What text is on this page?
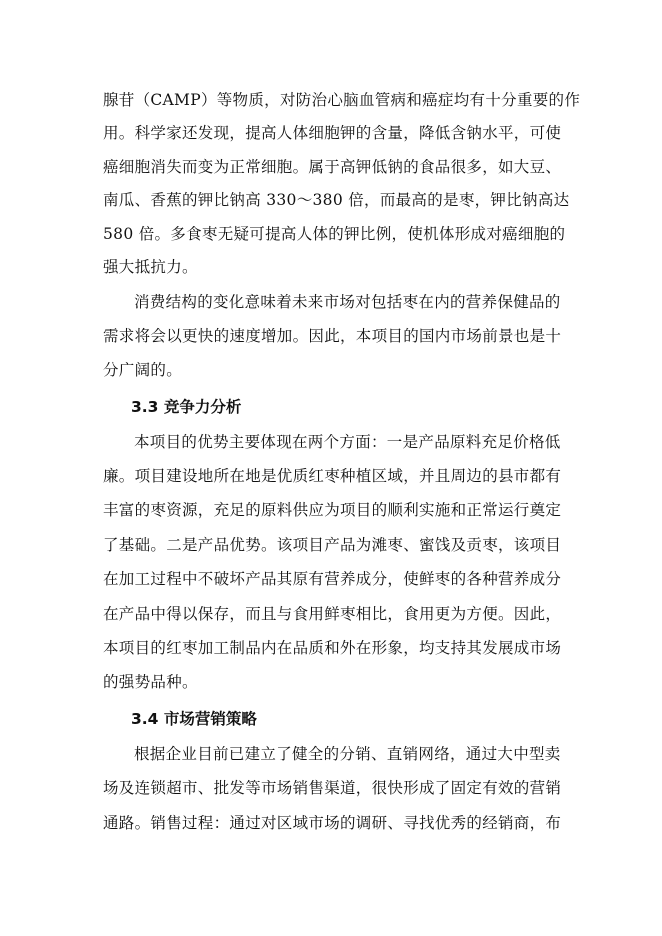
腺苷（CAMP）等物质，对防治心脑血管病和癌症均有十分重要的作
用。科学家还发现，提高人体细胞钾的含量，降低含钠水平，可使
癌细胞消失而变为正常细胞。属于高钾低钠的食品很多，如大豆、
南瓜、香蕉的钾比钠高 330～380 倍，而最高的是枣，钾比钠高达
580 倍。多食枣无疑可提高人体的钾比例，使机体形成对癌细胞的
强大抵抗力。
消费结构的变化意味着未来市场对包括枣在内的营养保健品的
需求将会以更快的速度增加。因此，本项目的国内市场前景也是十
分广阔的。
3.3 竞争力分析
本项目的优势主要体现在两个方面：一是产品原料充足价格低
廉。项目建设地所在地是优质红枣种植区域，并且周边的县市都有
丰富的枣资源，充足的原料供应为项目的顺利实施和正常运行奠定
了基础。二是产品优势。该项目产品为滩枣、蜜饯及贡枣，该项目
在加工过程中不破坏产品其原有营养成分，使鲜枣的各种营养成分
在产品中得以保存，而且与食用鲜枣相比，食用更为方便。因此，
本项目的红枣加工制品内在品质和外在形象，均支持其发展成市场
的强势品种。
3.4 市场营销策略
根据企业目前已建立了健全的分销、直销网络，通过大中型卖
场及连锁超市、批发等市场销售渠道，很快形成了固定有效的营销
通路。销售过程：通过对区域市场的调研、寻找优秀的经销商，布
